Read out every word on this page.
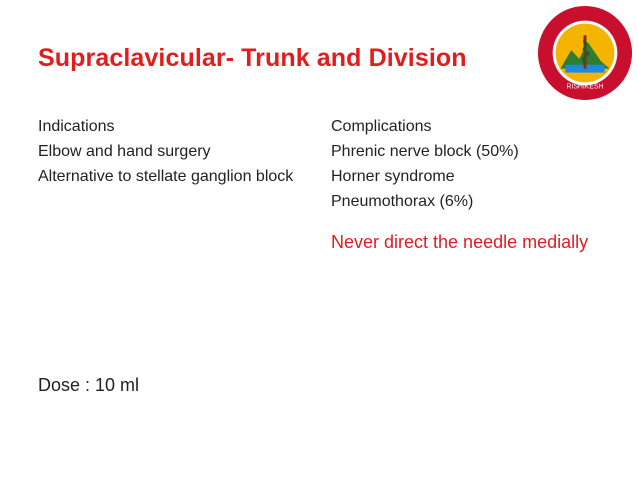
Supraclavicular- Trunk and Division
Indications
Elbow and hand surgery
Alternative to stellate ganglion block
Complications
Phrenic nerve block (50%)
Horner syndrome
Pneumothorax (6%)
Never direct the needle medially
Dose : 10 ml
RISHIKESH
